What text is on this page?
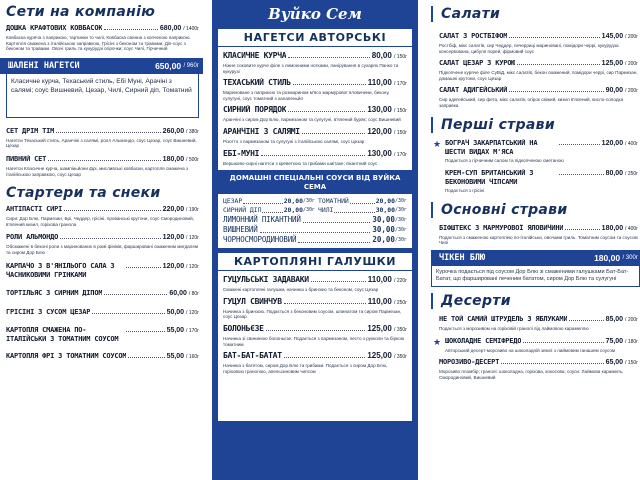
Сети на компанію
ДОШКА КРАФТОВИХ КОВБАСОК	680,00 / 1400г
Ковбаска курячa з паприкою, тартинки то чилі, Ковбаска свинна з копченою паприкою. Картопля смажена з італійською заправкою, Грісіні з беконом та травами, Діп-соус з беконом та травами. Овочі гриль та кукурудзі огірочки; соус Чилі, Гірчичний
ШАЛЕНІ НАГЕТСИ	650,00
/ 960г
Класичне курча, Техаський стиль, Ебі Муні, Арачіні з салямі; соус Вишневий, Цезар, Чилі, Сирний діп, Томатний
СЕТ ДРІМ ТІМ	260,00 / 380г
Нагетси Техаський стиль, Аранчіні з салямі, ролл Альмондо, соус Цезар, соус Вишневий, Цезар
ПИВНИЙ СЕТ	180,00 / 500г
Нагетси Класичне курча, шампіньйони фрі, мисливські ковбаски, картопля смажена з італійською заправкою, соус Цезар
Стартери та снеки
АНТІПАСТІ СИРІ	220,00 / 190г
Сири: Дор Блю, Пармезан, Брі, Чеддер, грісіні, прованські крутони, соус Смородиновий, в'ялений кизил, горіхова гранола
РОЛИ АЛЬМОНДО	120,00 / 120г
Обсмажені в беконі роли з маринованих в ромі фініків, фаршировані смаженим мигдалем та сиром Дор Блю
КАРПАЧО З В'ЯНІЛЬОГО САЛА З ЧАСНИКОВИМИ ГРІНКАМИ
120,00 / 120г
ТОРТІЛЬЯС З СИРНИМ ДІПОМ	60,00 / 80г
ГРІСІНІ З СУСОМ ЦЕЗАР	50,00 / 120г
КАРТОПЛЯ СМАЖЕНА ПО-ІТАЛІЙСЬКИ З ТОМАТНИМ СОУСОМ
55,00 / 170г
КАРТОПЛЯ ФРІ З ТОМАТНИМ СОУСОМ	55,00 / 160г
Вуйко Сем
НАГЕТСИ АВТОРСЬКІ
КЛАСИЧНЕ КУРЧА	80,00 / 150г
Ніжне соковите курче філе з лимонними нотками, панірування в сухарях Панко та кукурузі
ТЕХАСЬКИЙ СТИЛЬ	110,00 / 170г
Мариноване з паприкою та розмарином м'ясо мармурової яловичини, бекону, сулугуні, соус томатний з халапеньйо
СИРНИЙ ПОРЯДОК	130,00 / 150г
Аранчіні з сиром Дор Блю, пармезаном та сулугуні, в'ялений буряк; соус Вишневий
АРАНЧІНІ З САЛЯМІ	120,00 / 150г
Різотто з пармезаном та сулугуні з італійською салямі, соус Цезар
ЕБІ-МУНІ	130,00 / 170г
Вершково-сирні нагетси з креветкою та грибами шиітаке; пікантний соус
ДОМАШНІ СПЕЦІАЛЬНІ СОУСИ ВІД ВУЙКА СЕМА
ЦЕЗАР	20,00 /30г ТОМАТНИЙ	20,00 /30г
СИРНИЙ ДІП	20,00 /30г ЧИЛІ	30,00 /30г
ЛИМОННИЙ ПІКАНТНИЙ	30,00 /30г
ВИШНЕВИЙ	30,00 /30г
ЧОРНОСМОРОДИНОВИЙ	20,00 /30г
КАРТОПЛЯНІ ГАЛУШКИ
ГУЦУЛЬСЬКІ ЗАДАВАКИ	110,00 / 220г
Смажені картопляні галушки, начинка з бринзою та беконом, соус Цезар
ГУЦУЛ СВИНЧУВ	110,00 / 250г
Начинка з бринзою. Подається з беконовим соусом, шпинатом та сиром Пармезан, соус Цезар
БОЛОНЬЄЗЕ	125,00 / 350г
Начинка зі свининою болоньєзе. Подається з пармезаном, песто з рукколи та біркою томатним
БАТ-БАТ-БАТАТ	125,00 / 350г
Начинка з батетом, сиром Дор Блю та грибами. Подається з сиром Дор Блю, горіховою гранолою, апельсиновим чипсом
Салати
САЛАТ З РОСТБІФОМ	145,00 / 200г
Ростбіф, мікс салатів, сир Чеддер, печерриці мариновані, помідори черрі, кукурудза консервована, цибуля порей, фірмовий соус
САЛАТ ЦЕЗАР З КУРОЮ	125,00 / 200г
Підкопчене куряче філе СуВіД, мікс салатів, бекон смажений, помідори черрі, сир Пармезан, домашні крутони, соус Цезар
САЛАТ АДИГЕЙСЬКИЙ	90,00 / 200г
Сир адигейський, сир фета, мікс салатів, огірок свіжий, кизил в'ялений, кисло-солодка заправка
Перші страви
★ БОГРАЧ ЗАКАРПАТСЬКИЙ НА ШЕСТИ ВИДАХ М'ЯСА
120,00 / 400г
Подається з гірчичним салом та підкопченою сметаною
КРЕМ-СУП БРИТАНСЬКИЙ З БЕКОНОВИМИ ЧІПСАМИ
80,00 / 250г
Подається з грісіні
Основні страви
БІФШТЕКС З МАРМУРОВОЇ ЯЛОВИЧИНИ	180,00 / 400г
Подається з смаженою картоплею по-італійськи, овочами гриль. Томатним соусом та соусом Чилі
ЧІКЕН БЛЮ	180,00
/ 300г
Курочка подається під соусом Дор Блю зі смаженими галушками Бат-Бат-Батат, що фаршировані печеним бататом, сиром Дор Блю та сулугуні
Десерти
НЕ ТОЙ САМИЙ ШТРУДЕЛЬ З ЯБЛУКАМИ	85,00 / 200г
Подається з морозивом на горіховій гранолі під лаймовою карамеллю
★ ШОКОЛАДНЕ СЕМІФРЕДО	75,00 / 180г
Авторський десерт-морозиво на шоколадній землі з лаймовим ганашем соусом
МОРОЗИВО-ДЕСЕРТ	65,00 / 150г
Морозиво пломбір; гранолі: шоколадна, горіхова, кокосова; соуси: Лаймова карамель, Смородиновий, Вишневий
